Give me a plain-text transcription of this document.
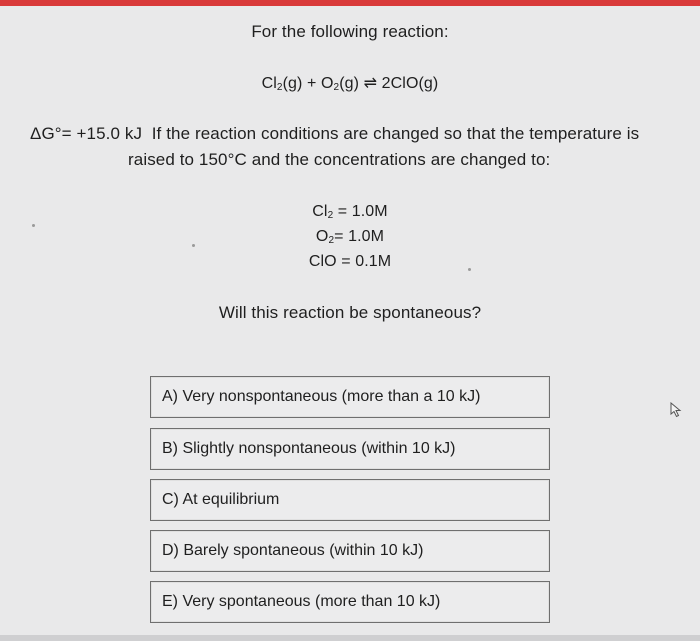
For the following reaction:
$Cl_2(g) + O_2(g)$ ⇌ 2ClO(g)
ΔG°= +15.0 kJ If the reaction conditions are changed so that the temperature is
raised to 150°C and the concentrations are changed to:
$Cl_2 = 1.0M$
$O_2= 1.0M$
ClO = 0.1M
Will this reaction be spontaneous?
A) Very nonspontaneous (more than a 10 kJ)
B) Slightly nonspontaneous (within 10 kJ)
C) At equilibrium
D) Barely spontaneous (within 10 kJ)
E) Very spontaneous (more than 10 kJ)
